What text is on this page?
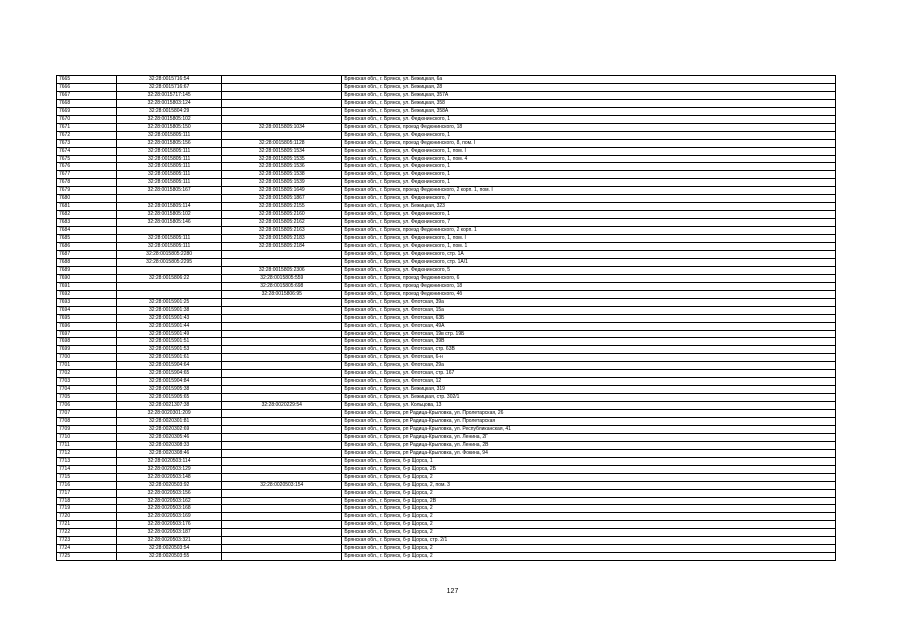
7665	32:28:0015716:54		Брянская обл., г. Брянск, ул. Бежицкая, 6а
7666	32:28:0015716:67		Брянская обл., г. Брянск, ул. Бежицкая, 28
7667	32:28:0015717:145		Брянская обл., г. Брянск, ул. Бежицкая, 357А
7668	32:28:0015803:124		Брянская обл., г. Брянск, ул. Бежицкая, 358
7669	32:28:0015804:29		Брянская обл., г. Брянск, ул. Бежицкая, 358А
7670	32:28:0015805:102		Брянская обл., г. Брянск, ул. Федюнинского, 1
7671	32:28:0015805:150	32:28:0015805:1034	Брянская обл., г. Брянск, проезд Федюнинского, 18
7672	32:28:0015805:111		Брянская обл., г. Брянск, ул. Федюнинского, 1
7673	32:28:0015805:156	32:28:0015805:1128	Брянская обл., г. Брянск, проезд Федюнинского, 8, пом. I
7674	32:28:0015805:111	32:28:0015805:1534	Брянская обл., г. Брянск, ул. Федюнинского, 1, пом. I
7675	32:28:0015805:111	32:28:0015805:1535	Брянская обл., г. Брянск, ул. Федюнинского, 1, пом. 4
7676	32:28:0015805:111	32:28:0015805:1536	Брянская обл., г. Брянск, ул. Федюнинского, 1
7677	32:28:0015805:111	32:28:0015805:1538	Брянская обл., г. Брянск, ул. Федюнинского, 1
7678	32:28:0015805:111	32:28:0015805:1539	Брянская обл., г. Брянск, ул. Федюнинского, 1
7679	32:28:0015805:167	32:28:0015805:1649	Брянская обл., г. Брянск, проезд Федюнинского, 2 корп. 1, пом. I
7680		32:28:0015805:1867	Брянская обл., г. Брянск, ул. Федюнинского, 7
7681	32:28:0015805:114	32:28:0015805:2155	Брянская обл., г. Брянск, ул. Бежицкая, 323
7682	32:28:0015805:102	32:28:0015805:2160	Брянская обл., г. Брянск, ул. Федюнинского, 1
7683	32:28:0015805:146	32:28:0015805:2162	Брянская обл., г. Брянск, ул. Федюнинского, 7
7684		32:28:0015805:2163	Брянская обл., г. Брянск, проезд Федюнинского, 2 корп. 1
7685	32:28:0015805:111	32:28:0015805:2183	Брянская обл., г. Брянск, ул. Федюнинского, 1, пом. I
7686	32:28:0015805:111	32:28:0015805:2184	Брянская обл., г. Брянск, ул. Федюнинского, 1, пом. 1
7687	32:28:0015805:2280		Брянская обл., г. Брянск, ул. Федюнинского, стр. 1А
7688	32:28:0015805:2295		Брянская обл., г. Брянск, ул. Федюнинского, стр. 1А/1
7689		32:28:0015805:2306	Брянская обл., г. Брянск, ул. Федюнинского, 5
7690	32:28:0015806:22	32:28:0015805:559	Брянская обл., г. Брянск, проезд Федюнинского, 6
7691		32:28:0015805:698	Брянская обл., г. Брянск, проезд Федюнинского, 18
7692		32:28:0015806:95	Брянская обл., г. Брянск, проезд Федюнинского, 4б
7693	32:28:0015901:25		Брянская обл., г. Брянск, ул. Флотская, 39а
7694	32:28:0015901:38		Брянская обл., г. Брянск, ул. Флотская, 15а
7695	32:28:0015901:43		Брянская обл., г. Брянск, ул. Флотская, 63Б
7696	32:28:0015901:44		Брянская обл., г. Брянск, ул. Флотская, 49А
7697	32:28:0015901:49		Брянская обл., г. Брянск, ул. Флотская, 19в стр. 19Б
7698	32:28:0015901:51		Брянская обл., г. Брянск, ул. Флотская, 39В
7699	32:28:0015901:53		Брянская обл., г. Брянск, ул. Флотская, стр. 63В
7700	32:28:0015901:61		Брянская обл., г. Брянск, ул. Флотская, 6-н
7701	32:28:0015904:64		Брянская обл., г. Брянск, ул. Флотская, 29а
7702	32:28:0015904:65		Брянская обл., г. Брянск, ул. Флотская, стр. 167
7703	32:28:0015904:84		Брянская обл., г. Брянск, ул. Флотская, 12
7704	32:28:0015905:38		Брянская обл., г. Брянск, ул. Бежицкая, 319
7705	32:28:0015905:65		Брянская обл., г. Брянск, ул. Бежицкая, стр. 302/1
7706	32:28:0021307:38	32:28:0020229:54	Брянская обл., г. Брянск, ул. Кольцова, 13
7707	32:28:0020301:209		Брянская обл., г. Брянск, рп Радица-Крыловка, ул. Пролетарская, 26
7708	32:28:0020301:81		Брянская обл., г. Брянск, рп Радица-Крыловка, ул. Пролетарская
7709	32:28:0020302:69		Брянская обл., г. Брянск, рп Радица-Крыловка, ул. Республиканская, 41
7710	32:28:0020305:46		Брянская обл., г. Брянск, рп Радица-Крыловка, ул. Ленина, 2Г
7711	32:28:0020308:33		Брянская обл., г. Брянск, рп Радица-Крыловка, ул. Ленина, 2В
7712	32:28:0020308:46		Брянская обл., г. Брянск, рп Радица-Крыловка, ул. Фокина, 94
7713	32:28:0020503:114		Брянская обл., г. Брянск, б-р Щорса, 1
7714	32:28:0020503:129		Брянская обл., г. Брянск, б-р Щорса, 2Б
7715	32:28:0020503:148		Брянская обл., г. Брянск, б-р Щорса, 2
7716	32:28:0020503:92	32:28:0020503:154	Брянская обл., г. Брянск, б-р Щорса, 2, пом. 3
7717	32:28:0020503:156		Брянская обл., г. Брянск, б-р Щорса, 2
7718	32:28:0020503:162		Брянская обл., г. Брянск, б-р Щорса, 2В
7719	32:28:0020503:168		Брянская обл., г. Брянск, б-р Щорса, 2
7720	32:28:0020503:169		Брянская обл., г. Брянск, б-р Щорса, 2
7721	32:28:0020503:176		Брянская обл., г. Брянск, б-р Щорса, 2
7722	32:28:0020503:187		Брянская обл., г. Брянск, б-р Щорса, 2
7723	32:28:0020503:321		Брянская обл., г. Брянск, б-р Щорса, стр. 2/1
7724	32:28:0020503:54		Брянская обл., г. Брянск, б-р Щорса, 2
7725	32:28:0020503:55		Брянская обл., г. Брянск, б-р Щорса, 2
127
